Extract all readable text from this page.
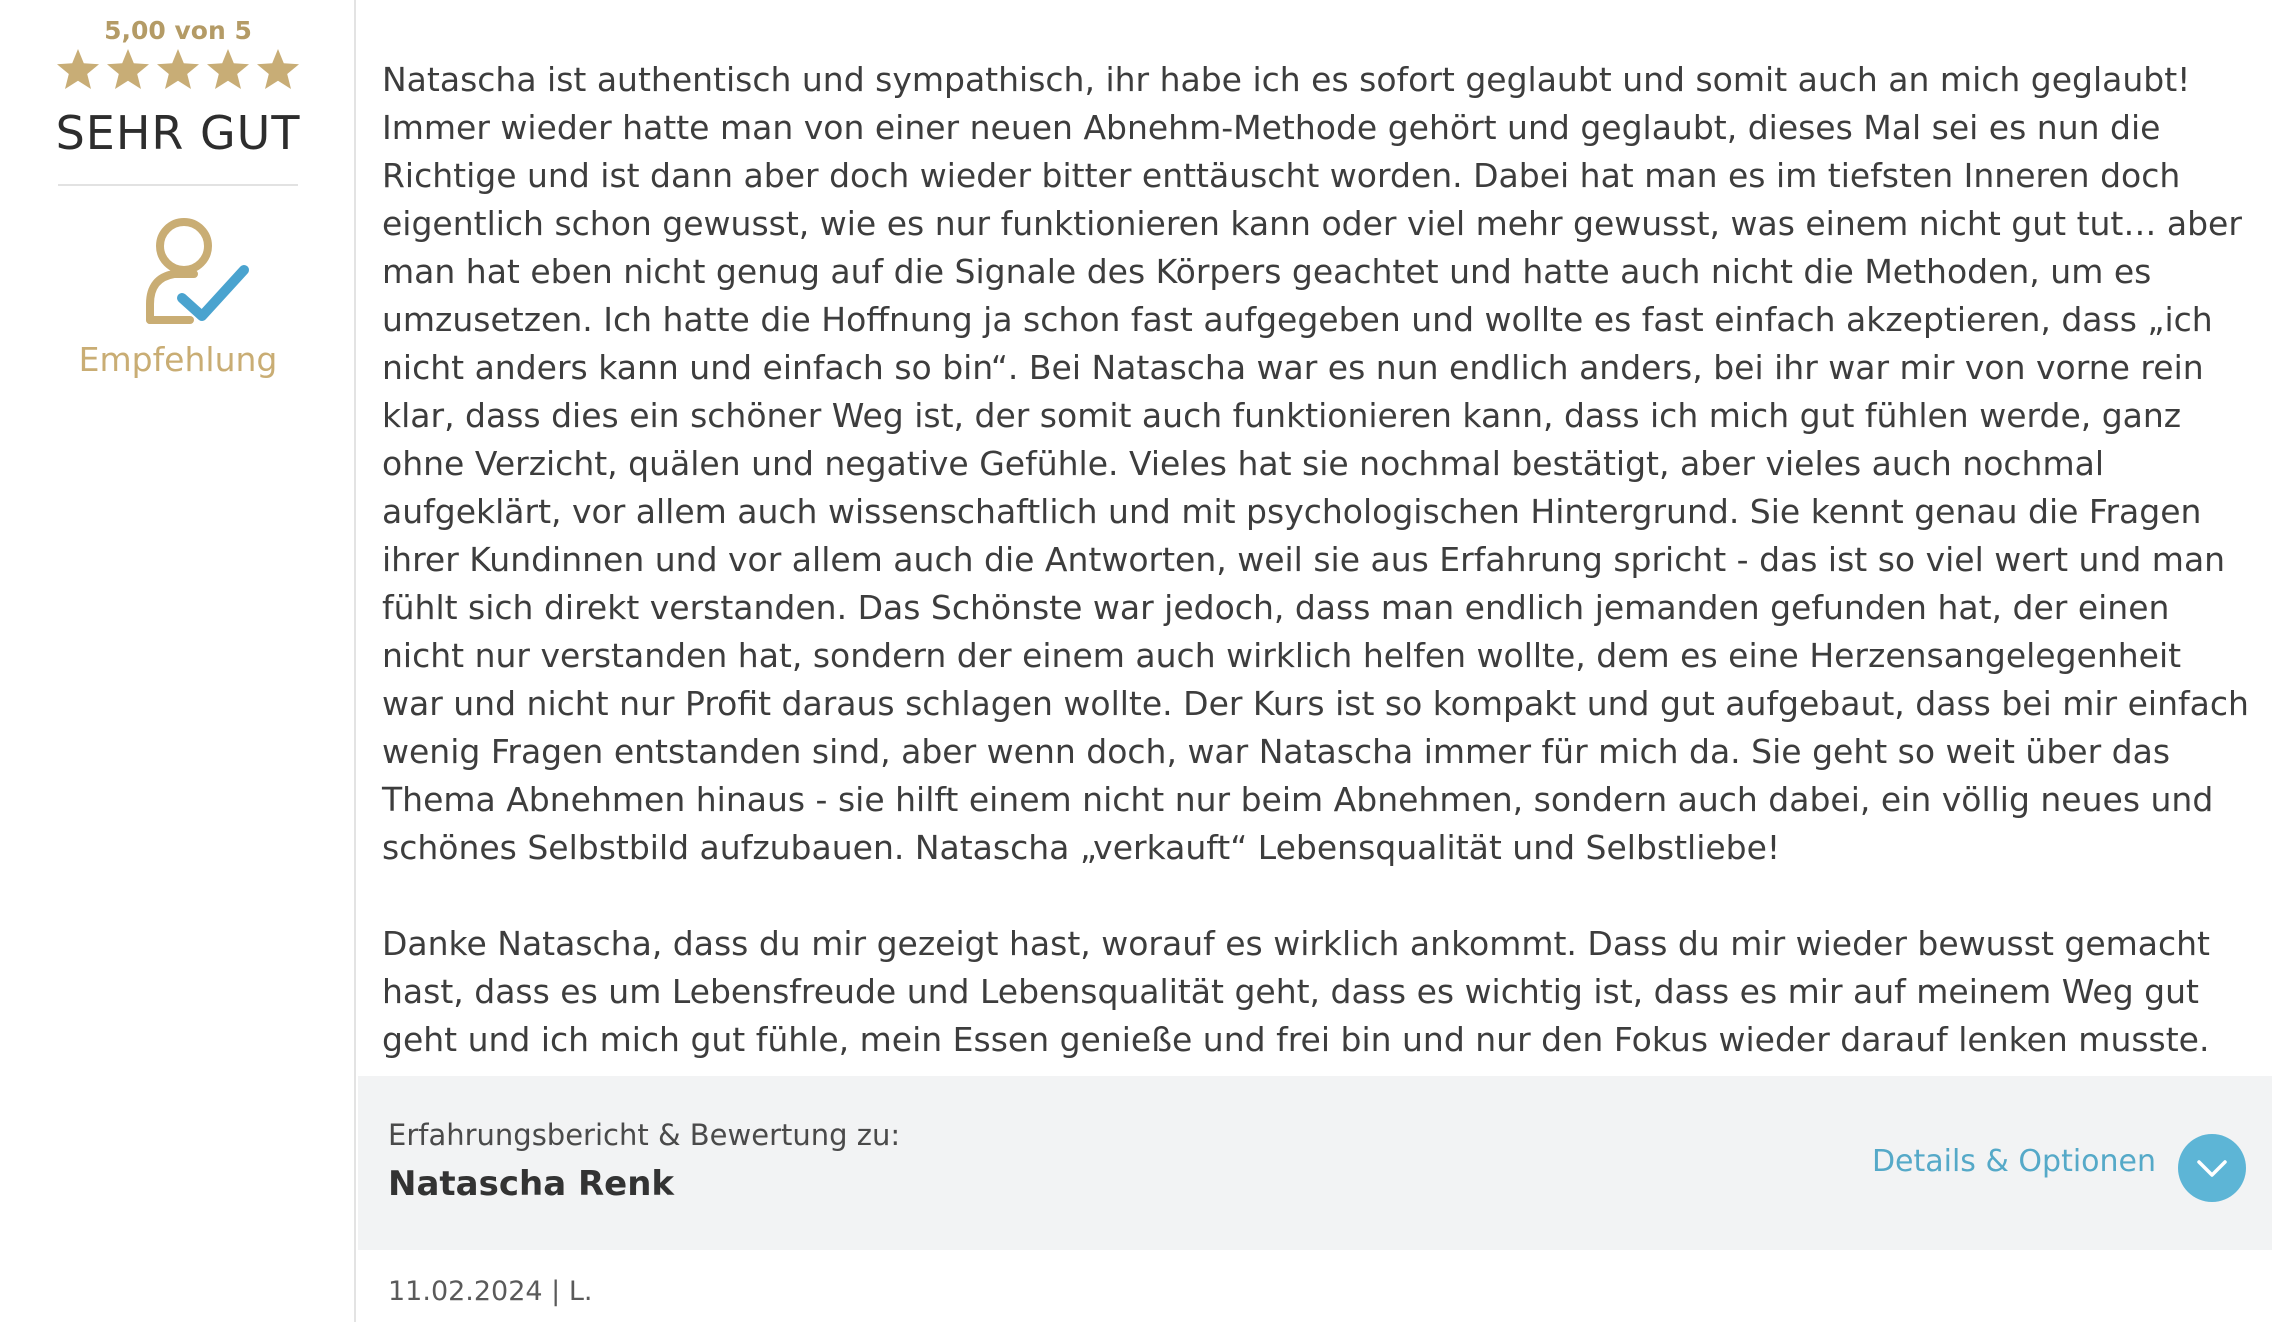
5,00 von 5
SEHR GUT
Empfehlung

Natascha ist authentisch und sympathisch, ihr habe ich es sofort geglaubt und somit auch an mich geglaubt! Immer wieder hatte man von einer neuen Abnehm-Methode gehört und geglaubt, dieses Mal sei es nun die Richtige und ist dann aber doch wieder bitter enttäuscht worden. Dabei hat man es im tiefsten Inneren doch eigentlich schon gewusst, wie es nur funktionieren kann oder viel mehr gewusst, was einem nicht gut tut… aber man hat eben nicht genug auf die Signale des Körpers geachtet und hatte auch nicht die Methoden, um es umzusetzen. Ich hatte die Hoffnung ja schon fast aufgegeben und wollte es fast einfach akzeptieren, dass „ich nicht anders kann und einfach so bin“. Bei Natascha war es nun endlich anders, bei ihr war mir von vorne rein klar, dass dies ein schöner Weg ist, der somit auch funktionieren kann, dass ich mich gut fühlen werde, ganz ohne Verzicht, quälen und negative Gefühle. Vieles hat sie nochmal bestätigt, aber vieles auch nochmal aufgeklärt, vor allem auch wissenschaftlich und mit psychologischen Hintergrund. Sie kennt genau die Fragen ihrer Kundinnen und vor allem auch die Antworten, weil sie aus Erfahrung spricht - das ist so viel wert und man fühlt sich direkt verstanden. Das Schönste war jedoch, dass man endlich jemanden gefunden hat, der einen nicht nur verstanden hat, sondern der einem auch wirklich helfen wollte, dem es eine Herzensangelegenheit war und nicht nur Profit daraus schlagen wollte. Der Kurs ist so kompakt und gut aufgebaut, dass bei mir einfach wenig Fragen entstanden sind, aber wenn doch, war Natascha immer für mich da. Sie geht so weit über das Thema Abnehmen hinaus - sie hilft einem nicht nur beim Abnehmen, sondern auch dabei, ein völlig neues und schönes Selbstbild aufzubauen. Natascha „verkauft“ Lebensqualität und Selbstliebe!

Danke Natascha, dass du mir gezeigt hast, worauf es wirklich ankommt. Dass du mir wieder bewusst gemacht hast, dass es um Lebensfreude und Lebensqualität geht, dass es wichtig ist, dass es mir auf meinem Weg gut geht und ich mich gut fühle, mein Essen genieße und frei bin und nur den Fokus wieder darauf lenken musste.

Erfahrungsbericht & Bewertung zu:
Natascha Renk
Details & Optionen
11.02.2024 | L.
